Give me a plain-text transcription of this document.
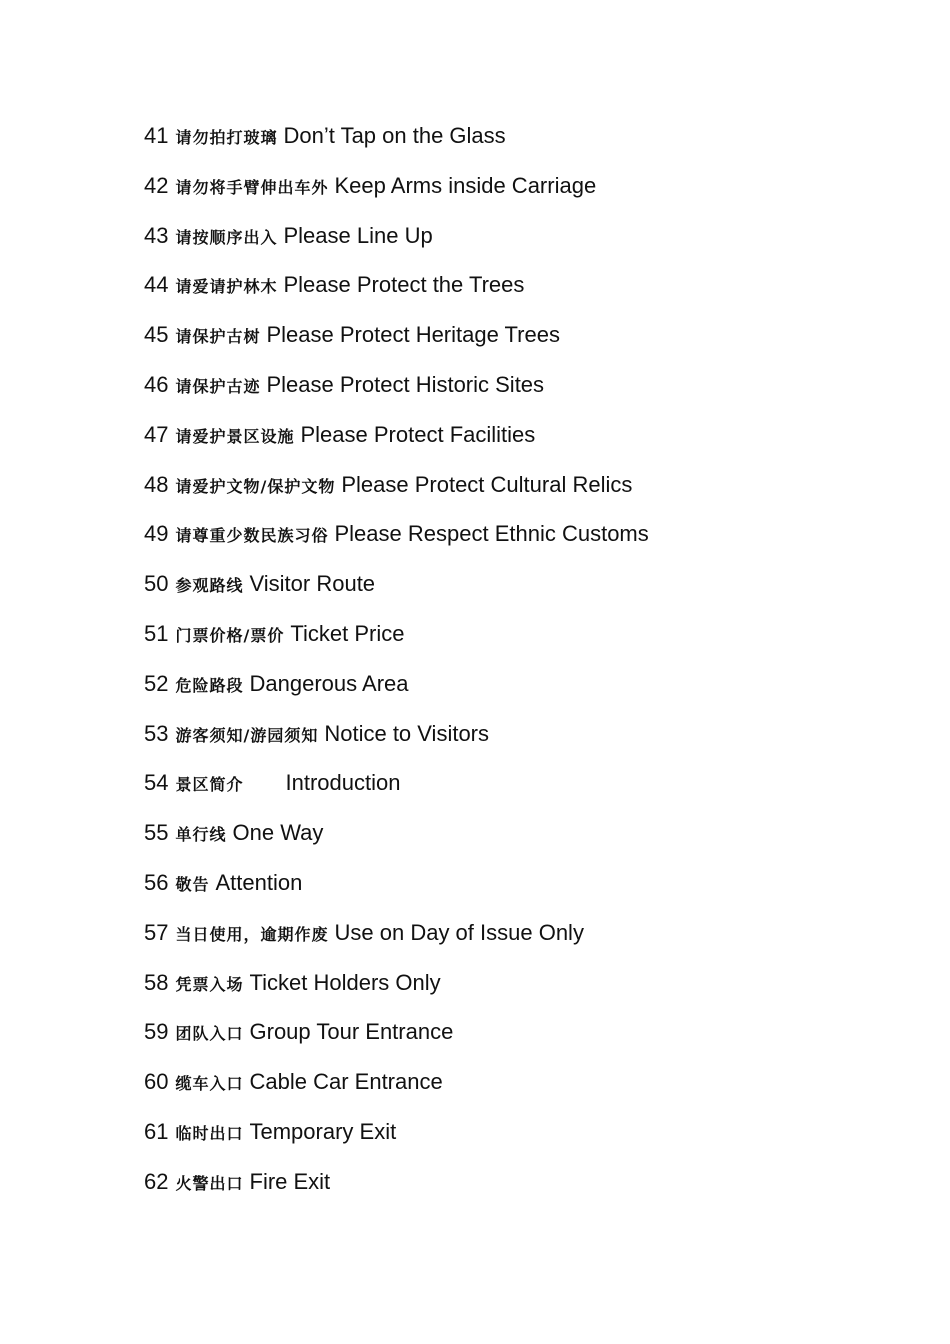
41 请勿拍打玻璃 Don’t Tap on the Glass
42 请勿将手臂伸出车外 Keep Arms inside Carriage
43 请按顺序出入 Please Line Up
44 请爱请护林木 Please Protect the Trees
45 请保护古树 Please Protect Heritage Trees
46 请保护古迹 Please Protect Historic Sites
47 请爱护景区设施 Please Protect Facilities
48 请爱护文物/保护文物 Please Protect Cultural Relics
49 请尊重少数民族习俗 Please Respect Ethnic Customs
50 参观路线 Visitor Route
51 门票价格/票价 Ticket Price
52 危险路段 Dangerous Area
53 游客须知/游园须知 Notice to Visitors
54 景区简介 Introduction
55 单行线 One Way
56 敬告 Attention
57 当日使用，逾期作废 Use on Day of Issue Only
58 凭票入场 Ticket Holders Only
59 团队入口 Group Tour Entrance
60 缆车入口 Cable Car Entrance
61 临时出口 Temporary Exit
62 火警出口 Fire Exit
